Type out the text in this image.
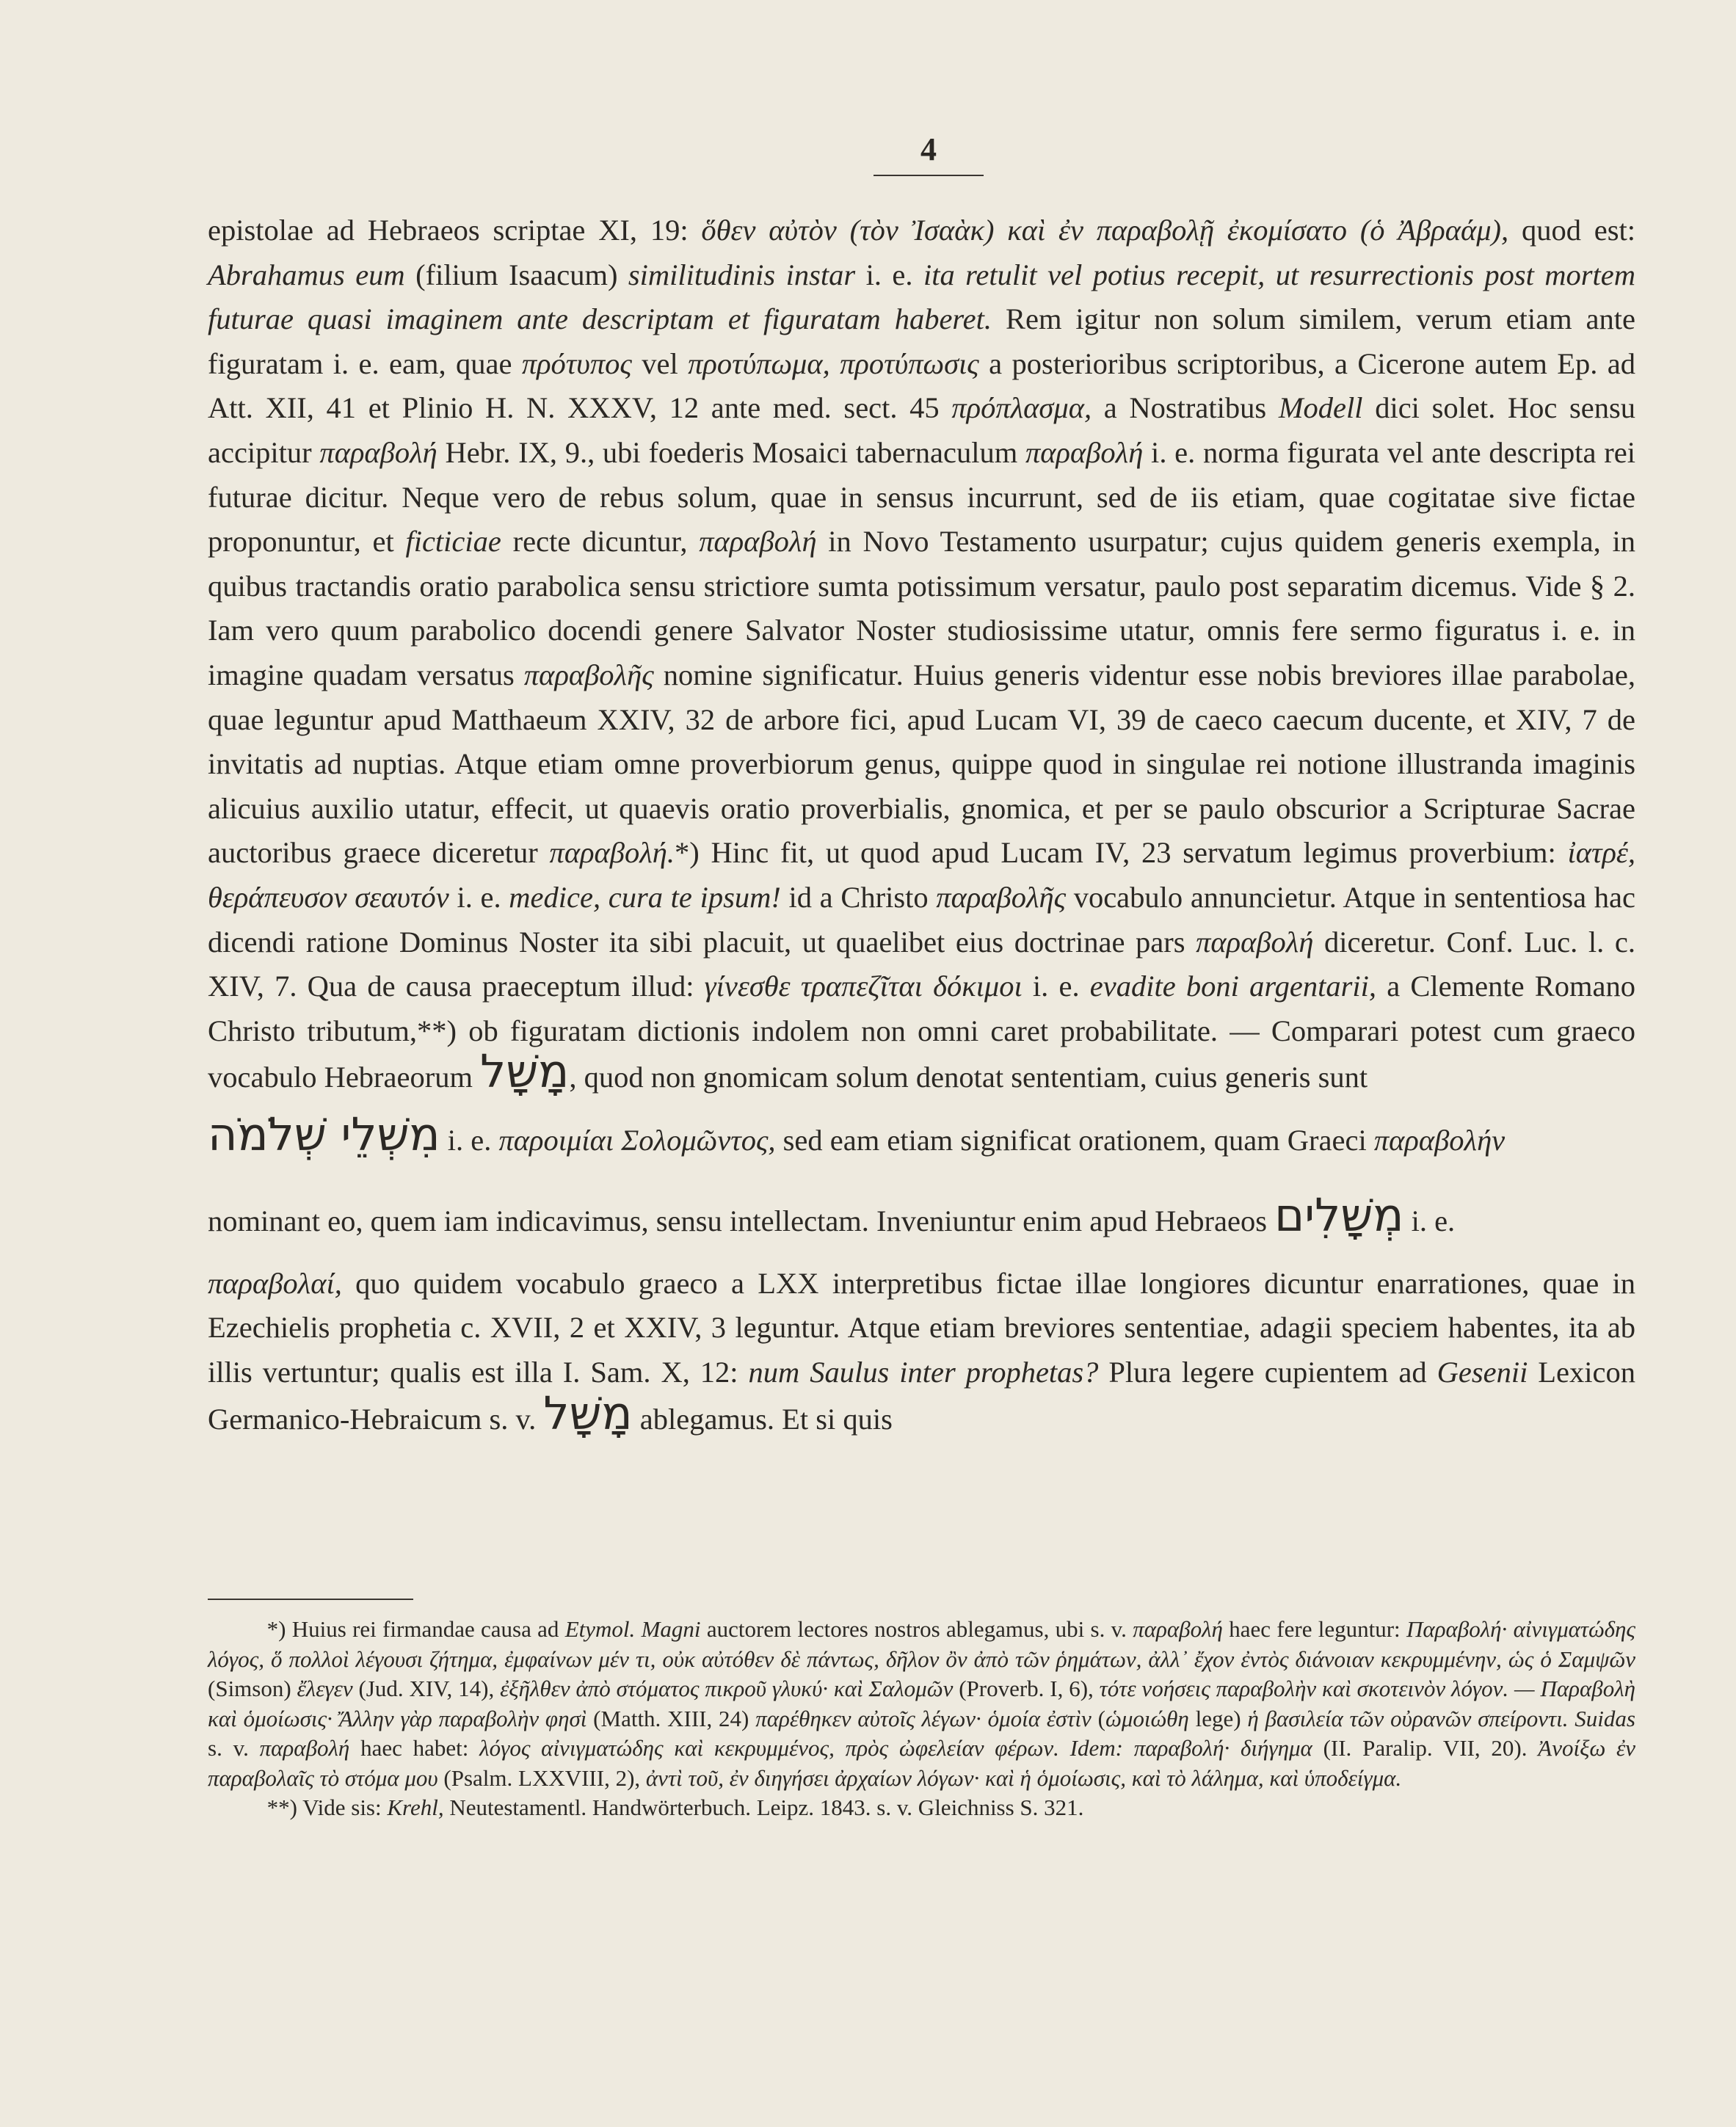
4

epistolae ad Hebraeos scriptae XI, 19: ὅθεν αὐτὸν (τὸν Ἰσαὰκ) καὶ ἐν παραβολῇ ἐκομίσατο (ὁ Ἀβραάμ), quod est: Abrahamus eum (filium Isaacum) similitudinis instar i. e. ita retulit vel potius recepit, ut resurrectionis post mortem futurae quasi imaginem ante descriptam et figuratam haberet. Rem igitur non solum similem, verum etiam ante figuratam i. e. eam, quae πρότυπος vel προτύπωμα, προτύπωσις a posterioribus scriptoribus, a Cicerone autem Ep. ad Att. XII, 41 et Plinio H. N. XXXV, 12 ante med. sect. 45 πρόπλασμα, a Nostratibus Modell dici solet. Hoc sensu accipitur παραβολή Hebr. IX, 9., ubi foederis Mosaici tabernaculum παραβολή i. e. norma figurata vel ante descripta rei futurae dicitur. Neque vero de rebus solum, quae in sensus incurrunt, sed de iis etiam, quae cogitatae sive fictae proponuntur, et ficticiae recte dicuntur, παραβολή in Novo Testamento usurpatur; cujus quidem generis exempla, in quibus tractandis oratio parabolica sensu strictiore sumta potissimum versatur, paulo post separatim dicemus. Vide § 2. Iam vero quum parabolico docendi genere Salvator Noster studiosissime utatur, omnis fere sermo figuratus i. e. in imagine quadam versatus παραβολῆς nomine significatur. Huius generis videntur esse nobis breviores illae parabolae, quae leguntur apud Matthaeum XXIV, 32 de arbore fici, apud Lucam VI, 39 de caeco caecum ducente, et XIV, 7 de invitatis ad nuptias. Atque etiam omne proverbiorum genus, quippe quod in singulae rei notione illustranda imaginis alicuius auxilio utatur, effecit, ut quaevis oratio proverbialis, gnomica, et per se paulo obscurior a Scripturae Sacrae auctoribus graece diceretur παραβολή.*) Hinc fit, ut quod apud Lucam IV, 23 servatum legimus proverbium: ἰατρέ, θεράπευσον σεαυτόν i. e. medice, cura te ipsum! id a Christo παραβολῆς vocabulo annuncietur. Atque in sententiosa hac dicendi ratione Dominus Noster ita sibi placuit, ut quaelibet eius doctrinae pars παραβολή diceretur. Conf. Luc. l. c. XIV, 7. Qua de causa praeceptum illud: γίνεσθε τραπεζῖται δόκιμοι i. e. evadite boni argentarii, a Clemente Romano Christo tributum,**) ob figuratam dictionis indolem non omni caret probabilitate. — Comparari potest cum graeco vocabulo Hebraeorum מָשָׁל, quod non gnomicam solum denotat sententiam, cuius generis sunt

מִשְׁלֵי שְׁלֹמֹה i. e. παροιμίαι Σολομῶντος, sed eam etiam significat orationem, quam Graeci παραβολήν

nominant eo, quem iam indicavimus, sensu intellectam. Inveniuntur enim apud Hebraeos מְשָׁלִים i. e.

παραβολαί, quo quidem vocabulo graeco a LXX interpretibus fictae illae longiores dicuntur enarrationes, quae in Ezechielis prophetia c. XVII, 2 et XXIV, 3 leguntur. Atque etiam breviores sententiae, adagii speciem habentes, ita ab illis vertuntur; qualis est illa I. Sam. X, 12: num Saulus inter prophetas? Plura legere cupientem ad Gesenii Lexicon Germanico-Hebraicum s. v. מָשָׁל ablegamus. Et si quis

*) Huius rei firmandae causa ad Etymol. Magni auctorem lectores nostros ablegamus, ubi s. v. παραβολή haec fere leguntur: Παραβολή· αἰνιγματώδης λόγος, ὅ πολλοὶ λέγουσι ζήτημα, ἐμφαίνων μέν τι, οὐκ αὐτόθεν δὲ πάντως, δῆλον ὂν ἀπὸ τῶν ῥημάτων, ἀλλ᾽ ἔχον ἐντὸς διάνοιαν κεκρυμμένην, ὡς ὁ Σαμψῶν (Simson) ἔλεγεν (Jud. XIV, 14), ἐξῆλθεν ἀπὸ στόματος πικροῦ γλυκύ· καὶ Σαλομῶν (Proverb. I, 6), τότε νοήσεις παραβολὴν καὶ σκοτεινὸν λόγον. — Παραβολὴ καὶ ὁμοίωσις· Ἄλλην γὰρ παραβολὴν φησὶ (Matth. XIII, 24) παρέθηκεν αὐτοῖς λέγων· ὁμοία ἐστὶν (ὡμοιώθη lege) ἡ βασιλεία τῶν οὐρανῶν σπείροντι. Suidas s. v. παραβολή haec habet: λόγος αἰνιγματώδης καὶ κεκρυμμένος, πρὸς ὠφελείαν φέρων. Idem: παραβολή· διήγημα (II. Paralip. VII, 20). Ἀνοίξω ἐν παραβολαῖς τὸ στόμα μου (Psalm. LXXVIII, 2), ἀντὶ τοῦ, ἐν διηγήσει ἀρχαίων λόγων· καὶ ἡ ὁμοίωσις, καὶ τὸ λάλημα, καὶ ὑποδείγμα.

**) Vide sis: Krehl, Neutestamentl. Handwörterbuch. Leipz. 1843. s. v. Gleichniss S. 321.
